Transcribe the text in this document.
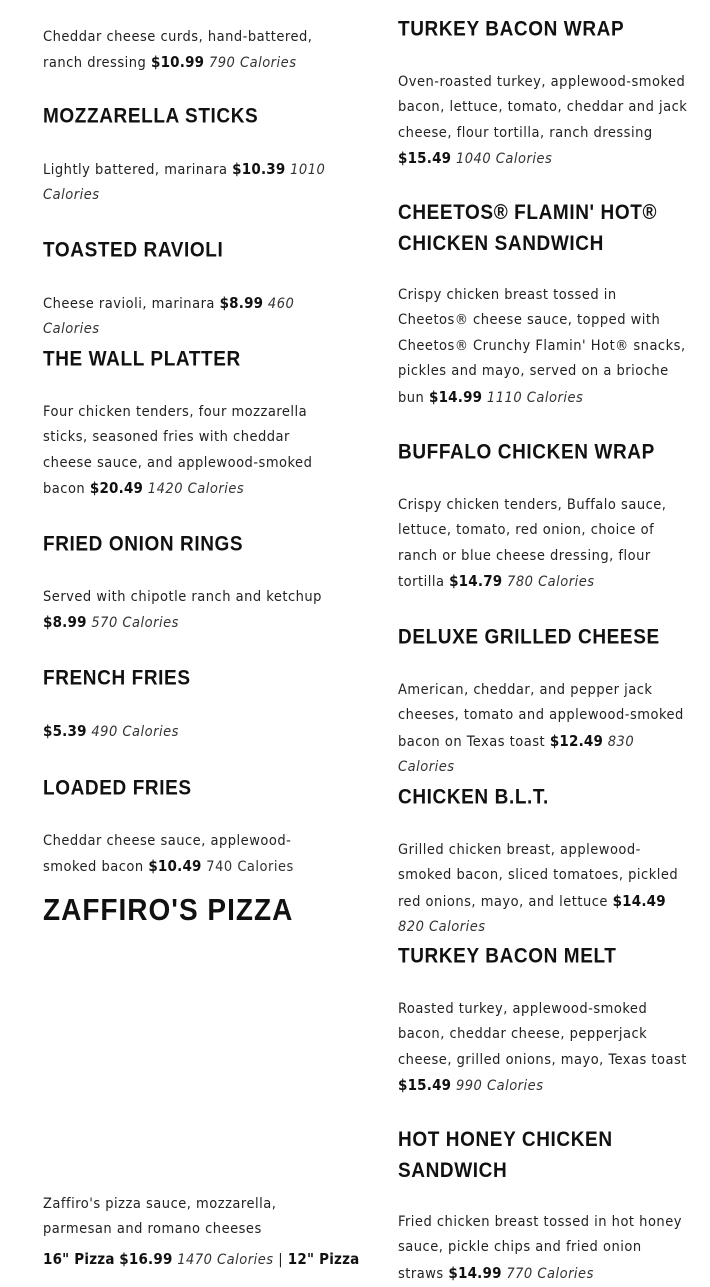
Cheddar cheese curds, hand-battered, ranch dressing $10.99 790 Calories

MOZZARELLA STICKS

Lightly battered, marinara $10.39 1010 Calories

TOASTED RAVIOLI

Cheese ravioli, marinara $8.99 460 Calories

THE WALL PLATTER

Four chicken tenders, four mozzarella sticks, seasoned fries with cheddar cheese sauce, and applewood-smoked bacon $20.49 1420 Calories

FRIED ONION RINGS

Served with chipotle ranch and ketchup $8.99 570 Calories

FRENCH FRIES

$5.39 490 Calories

LOADED FRIES

Cheddar cheese sauce, applewood-smoked bacon $10.49 740 Calories

ZAFFIRO'S PIZZA

Zaffiro's pizza sauce, mozzarella, parmesan and romano cheeses

16" Pizza $16.99 1470 Calories | 12" Pizza

TURKEY BACON WRAP

Oven-roasted turkey, applewood-smoked bacon, lettuce, tomato, cheddar and jack cheese, flour tortilla, ranch dressing $15.49 1040 Calories

CHEETOS® FLAMIN' HOT® CHICKEN SANDWICH

Crispy chicken breast tossed in Cheetos® cheese sauce, topped with Cheetos® Crunchy Flamin' Hot® snacks, pickles and mayo, served on a brioche bun $14.99 1110 Calories

BUFFALO CHICKEN WRAP

Crispy chicken tenders, Buffalo sauce, lettuce, tomato, red onion, choice of ranch or blue cheese dressing, flour tortilla $14.79 780 Calories

DELUXE GRILLED CHEESE

American, cheddar, and pepper jack cheeses, tomato and applewood-smoked bacon on Texas toast $12.49 830 Calories

CHICKEN B.L.T.

Grilled chicken breast, applewood-smoked bacon, sliced tomatoes, pickled red onions, mayo, and lettuce $14.49 820 Calories

TURKEY BACON MELT

Roasted turkey, applewood-smoked bacon, cheddar cheese, pepperjack cheese, grilled onions, mayo, Texas toast $15.49 990 Calories

HOT HONEY CHICKEN SANDWICH

Fried chicken breast tossed in hot honey sauce, pickle chips and fried onion straws $14.99 770 Calories
